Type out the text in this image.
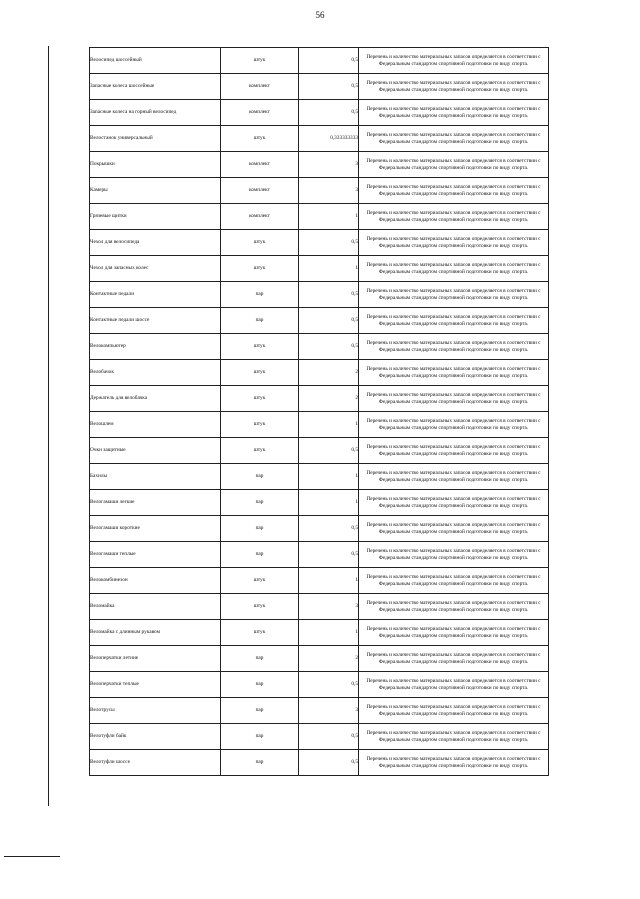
56
Велосипед шоссейный	штук	0,5	Перечень и количество материальных запасов определяется в соответствии с Федеральным стандартом спортивной подготовки по виду спорта.
Запасные колеса шоссейные	комплект	0,5	Перечень и количество материальных запасов определяется в соответствии с Федеральным стандартом спортивной подготовки по виду спорта.
Запасные колеса на горный велосипед	комплект	0,5	Перечень и количество материальных запасов определяется в соответствии с Федеральным стандартом спортивной подготовки по виду спорта.
Велостанок универсальный	штук	0,333333333	Перечень и количество материальных запасов определяется в соответствии с Федеральным стандартом спортивной подготовки по виду спорта.
Покрышки	комплект	3	Перечень и количество материальных запасов определяется в соответствии с Федеральным стандартом спортивной подготовки по виду спорта.
Камеры	комплект	3	Перечень и количество материальных запасов определяется в соответствии с Федеральным стандартом спортивной подготовки по виду спорта.
Грязевые щитки	комплект	1	Перечень и количество материальных запасов определяется в соответствии с Федеральным стандартом спортивной подготовки по виду спорта.
Чехол для велосипеда	штук	0,5	Перечень и количество материальных запасов определяется в соответствии с Федеральным стандартом спортивной подготовки по виду спорта.
Чехол для запасных колес	штук	1	Перечень и количество материальных запасов определяется в соответствии с Федеральным стандартом спортивной подготовки по виду спорта.
Контактные педали	пар	0,5	Перечень и количество материальных запасов определяется в соответствии с Федеральным стандартом спортивной подготовки по виду спорта.
Контактные педали шоссе	пар	0,5	Перечень и количество материальных запасов определяется в соответствии с Федеральным стандартом спортивной подготовки по виду спорта.
Велокомпьютер	штук	0,5	Перечень и количество материальных запасов определяется в соответствии с Федеральным стандартом спортивной подготовки по виду спорта.
Велобачок	штук	2	Перечень и количество материальных запасов определяется в соответствии с Федеральным стандартом спортивной подготовки по виду спорта.
Держатель для велобачка	штук	2	Перечень и количество материальных запасов определяется в соответствии с Федеральным стандартом спортивной подготовки по виду спорта.
Велошлем	штук	1	Перечень и количество материальных запасов определяется в соответствии с Федеральным стандартом спортивной подготовки по виду спорта.
Очки защитные	штук	0,5	Перечень и количество материальных запасов определяется в соответствии с Федеральным стандартом спортивной подготовки по виду спорта.
Бахилы	пар	1	Перечень и количество материальных запасов определяется в соответствии с Федеральным стандартом спортивной подготовки по виду спорта.
Велогамаши легкие	пар	1	Перечень и количество материальных запасов определяется в соответствии с Федеральным стандартом спортивной подготовки по виду спорта.
Велогамаши короткие	пар	0,5	Перечень и количество материальных запасов определяется в соответствии с Федеральным стандартом спортивной подготовки по виду спорта.
Велогамаши теплые	пар	0,5	Перечень и количество материальных запасов определяется в соответствии с Федеральным стандартом спортивной подготовки по виду спорта.
Велокомбинезон	штук	1	Перечень и количество материальных запасов определяется в соответствии с Федеральным стандартом спортивной подготовки по виду спорта.
Веломайка	штук	3	Перечень и количество материальных запасов определяется в соответствии с Федеральным стандартом спортивной подготовки по виду спорта.
Веломайка с длинным рукавом	штук	1	Перечень и количество материальных запасов определяется в соответствии с Федеральным стандартом спортивной подготовки по виду спорта.
Велоперчатки летние	пар	2	Перечень и количество материальных запасов определяется в соответствии с Федеральным стандартом спортивной подготовки по виду спорта.
Велоперчатки теплые	пар	0,5	Перечень и количество материальных запасов определяется в соответствии с Федеральным стандартом спортивной подготовки по виду спорта.
Велотрусы	пар	3	Перечень и количество материальных запасов определяется в соответствии с Федеральным стандартом спортивной подготовки по виду спорта.
Велотуфли байк	пар	0,5	Перечень и количество материальных запасов определяется в соответствии с Федеральным стандартом спортивной подготовки по виду спорта.
Велотуфли шоссе	пар	0,5	Перечень и количество материальных запасов определяется в соответствии с Федеральным стандартом спортивной подготовки по виду спорта.
